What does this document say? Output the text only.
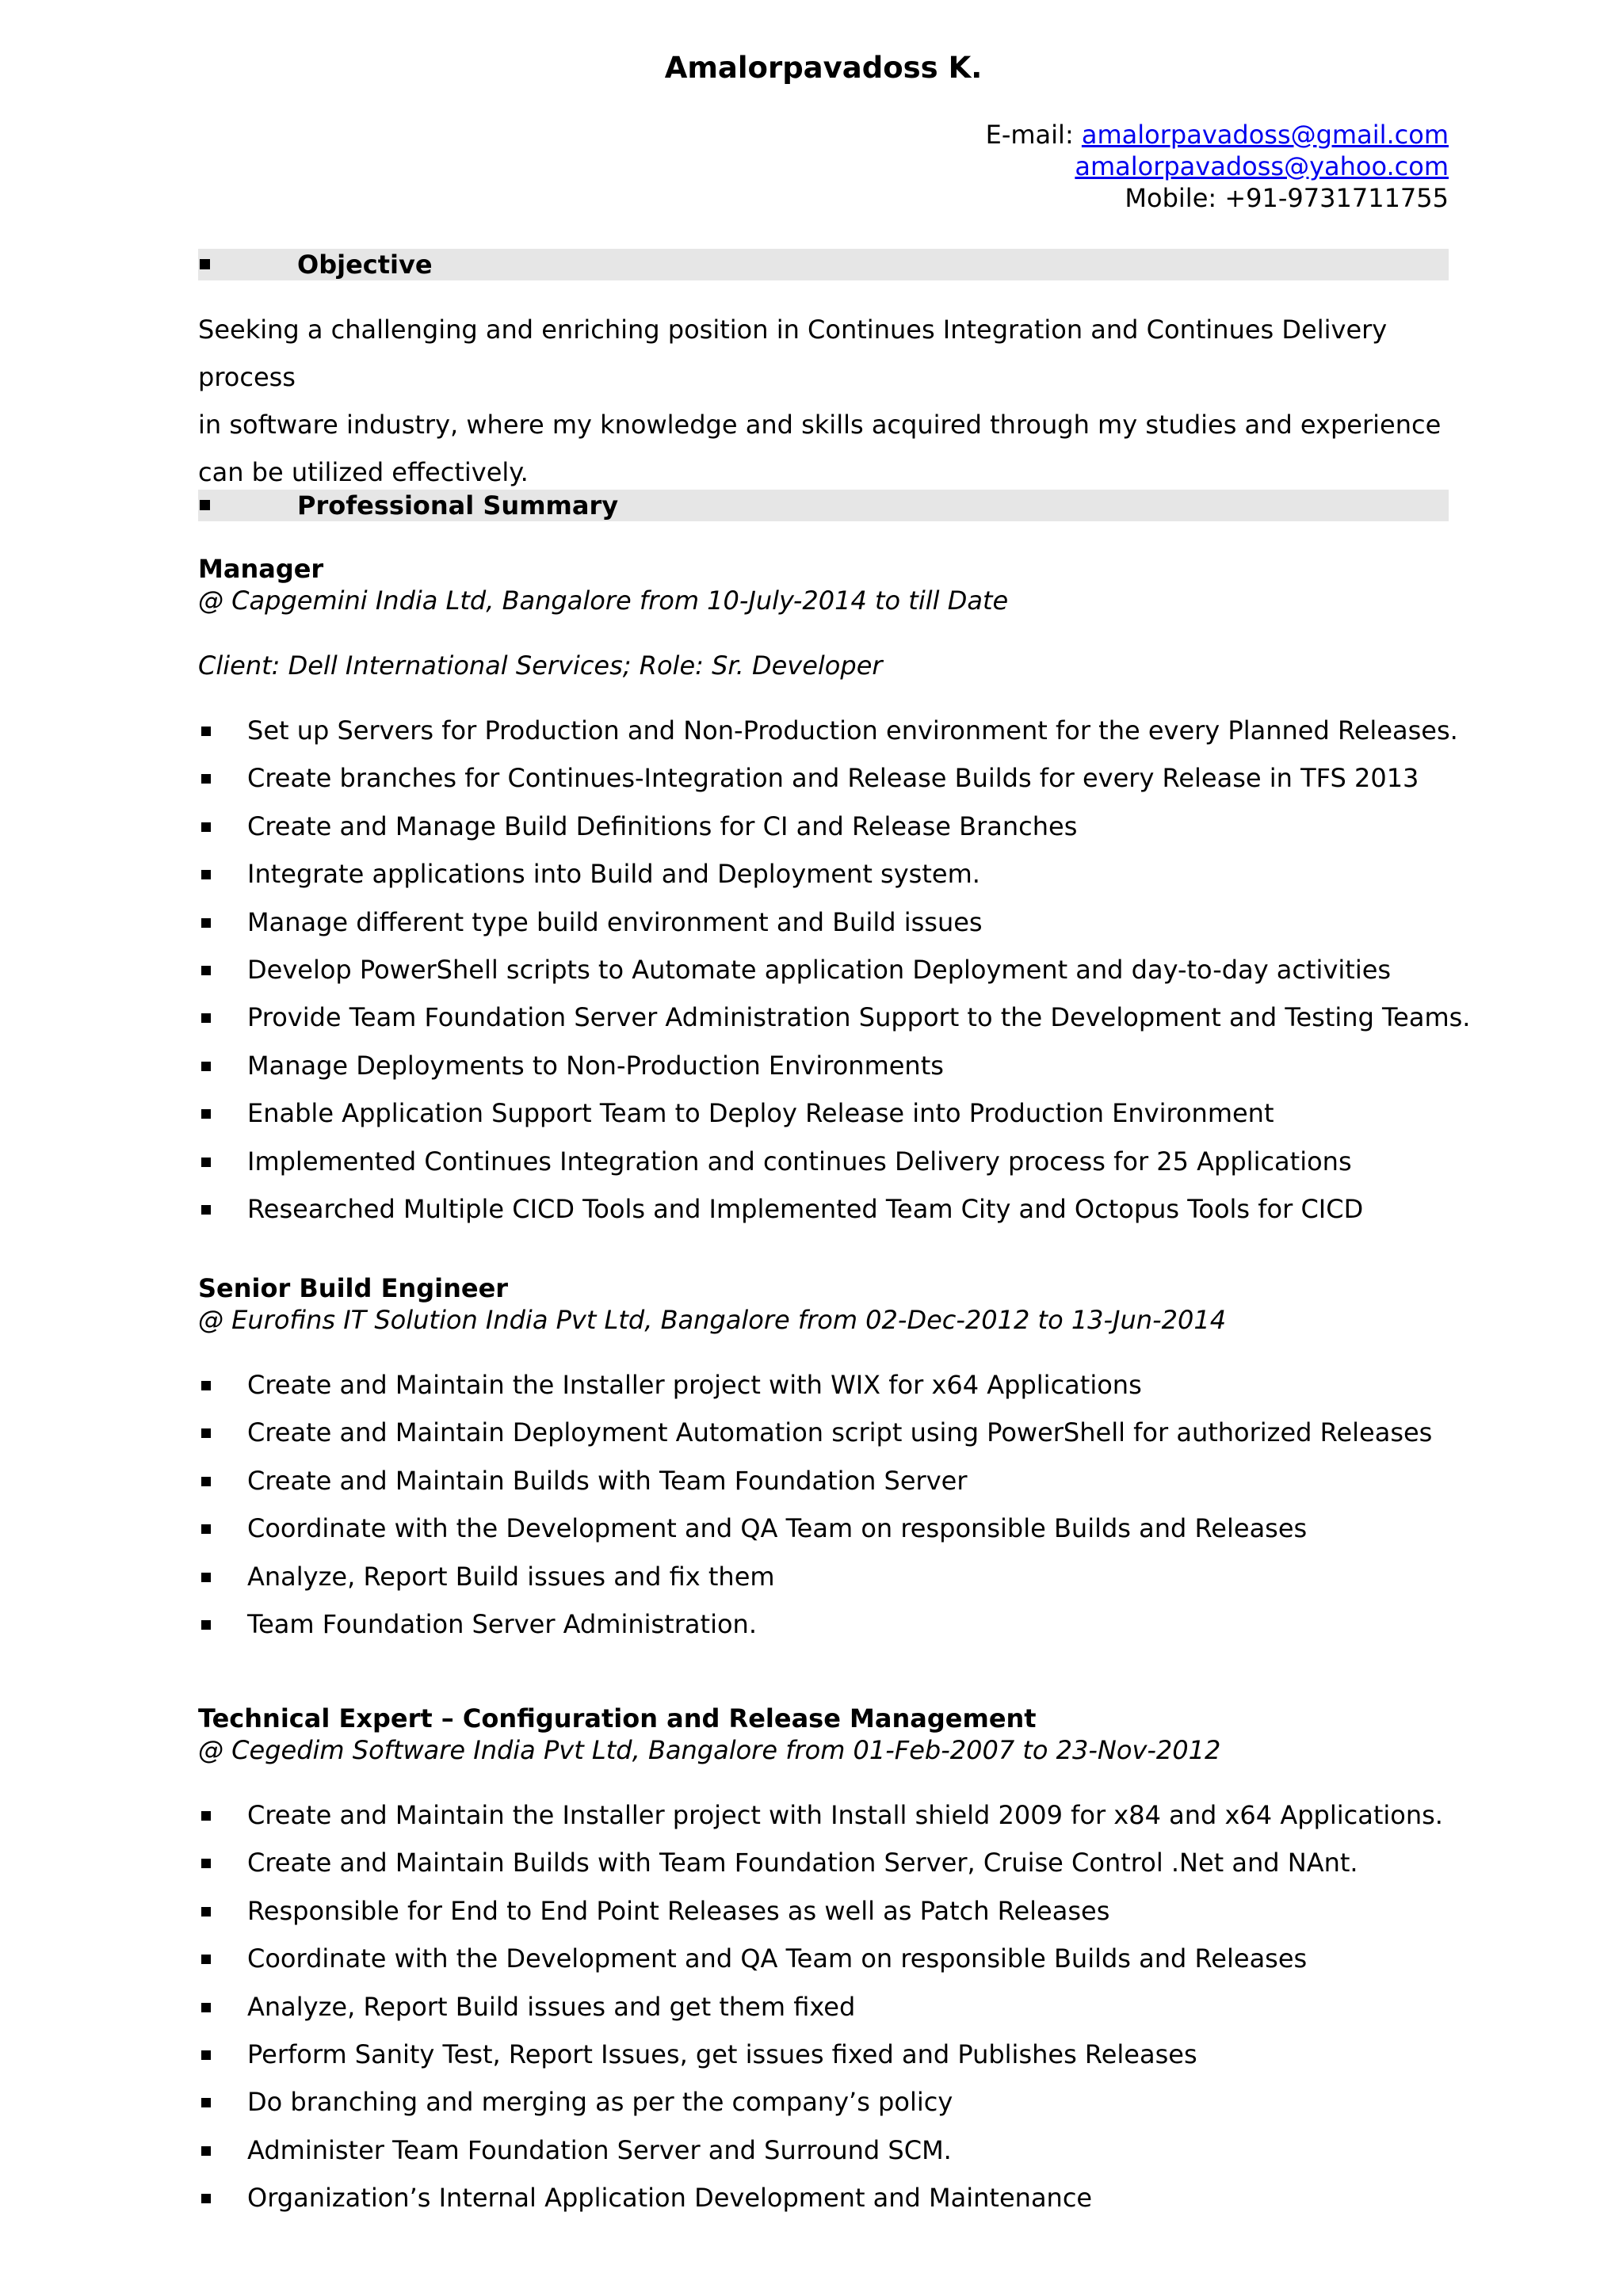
Amalorpavadoss K.
E-mail: amalorpavadoss@gmail.com
amalorpavadoss@yahoo.com
Mobile: +91-9731711755
Objective
Seeking a challenging and enriching position in Continues Integration and Continues Delivery process
in software industry, where my knowledge and skills acquired through my studies and experience
can be utilized effectively.
Professional Summary
Manager
@ Capgemini India Ltd, Bangalore from 10-July-2014 to till Date
Client: Dell International Services; Role: Sr. Developer
Set up Servers for Production and Non-Production environment for the every Planned Releases.
Create branches for Continues-Integration and Release Builds for every Release in TFS 2013
Create and Manage Build Definitions for CI and Release Branches
Integrate applications into Build and Deployment system.
Manage different type build environment and Build issues
Develop PowerShell scripts to Automate application Deployment and day-to-day activities
Provide Team Foundation Server Administration Support to the Development and Testing Teams.
Manage Deployments to Non-Production Environments
Enable Application Support Team to Deploy Release into Production Environment
Implemented Continues Integration and continues Delivery process for 25 Applications
Researched Multiple CICD Tools and Implemented Team City and Octopus Tools for CICD
Senior Build Engineer
@ Eurofins IT Solution India Pvt Ltd, Bangalore from 02-Dec-2012 to 13-Jun-2014
Create and Maintain the Installer project with WIX for x64 Applications
Create and Maintain Deployment Automation script using PowerShell for authorized Releases
Create and Maintain Builds with Team Foundation Server
Coordinate with the Development and QA Team on responsible Builds and Releases
Analyze, Report Build issues and fix them
Team Foundation Server Administration.
Technical Expert – Configuration and Release Management
@ Cegedim Software India Pvt Ltd, Bangalore from 01-Feb-2007 to 23-Nov-2012
Create and Maintain the Installer project with Install shield 2009 for x84 and x64 Applications.
Create and Maintain Builds with Team Foundation Server, Cruise Control .Net and NAnt.
Responsible for End to End Point Releases as well as Patch Releases
Coordinate with the Development and QA Team on responsible Builds and Releases
Analyze, Report Build issues and get them fixed
Perform Sanity Test, Report Issues, get issues fixed and Publishes Releases
Do branching and merging as per the company’s policy
Administer Team Foundation Server and Surround SCM.
Organization’s Internal Application Development and Maintenance
